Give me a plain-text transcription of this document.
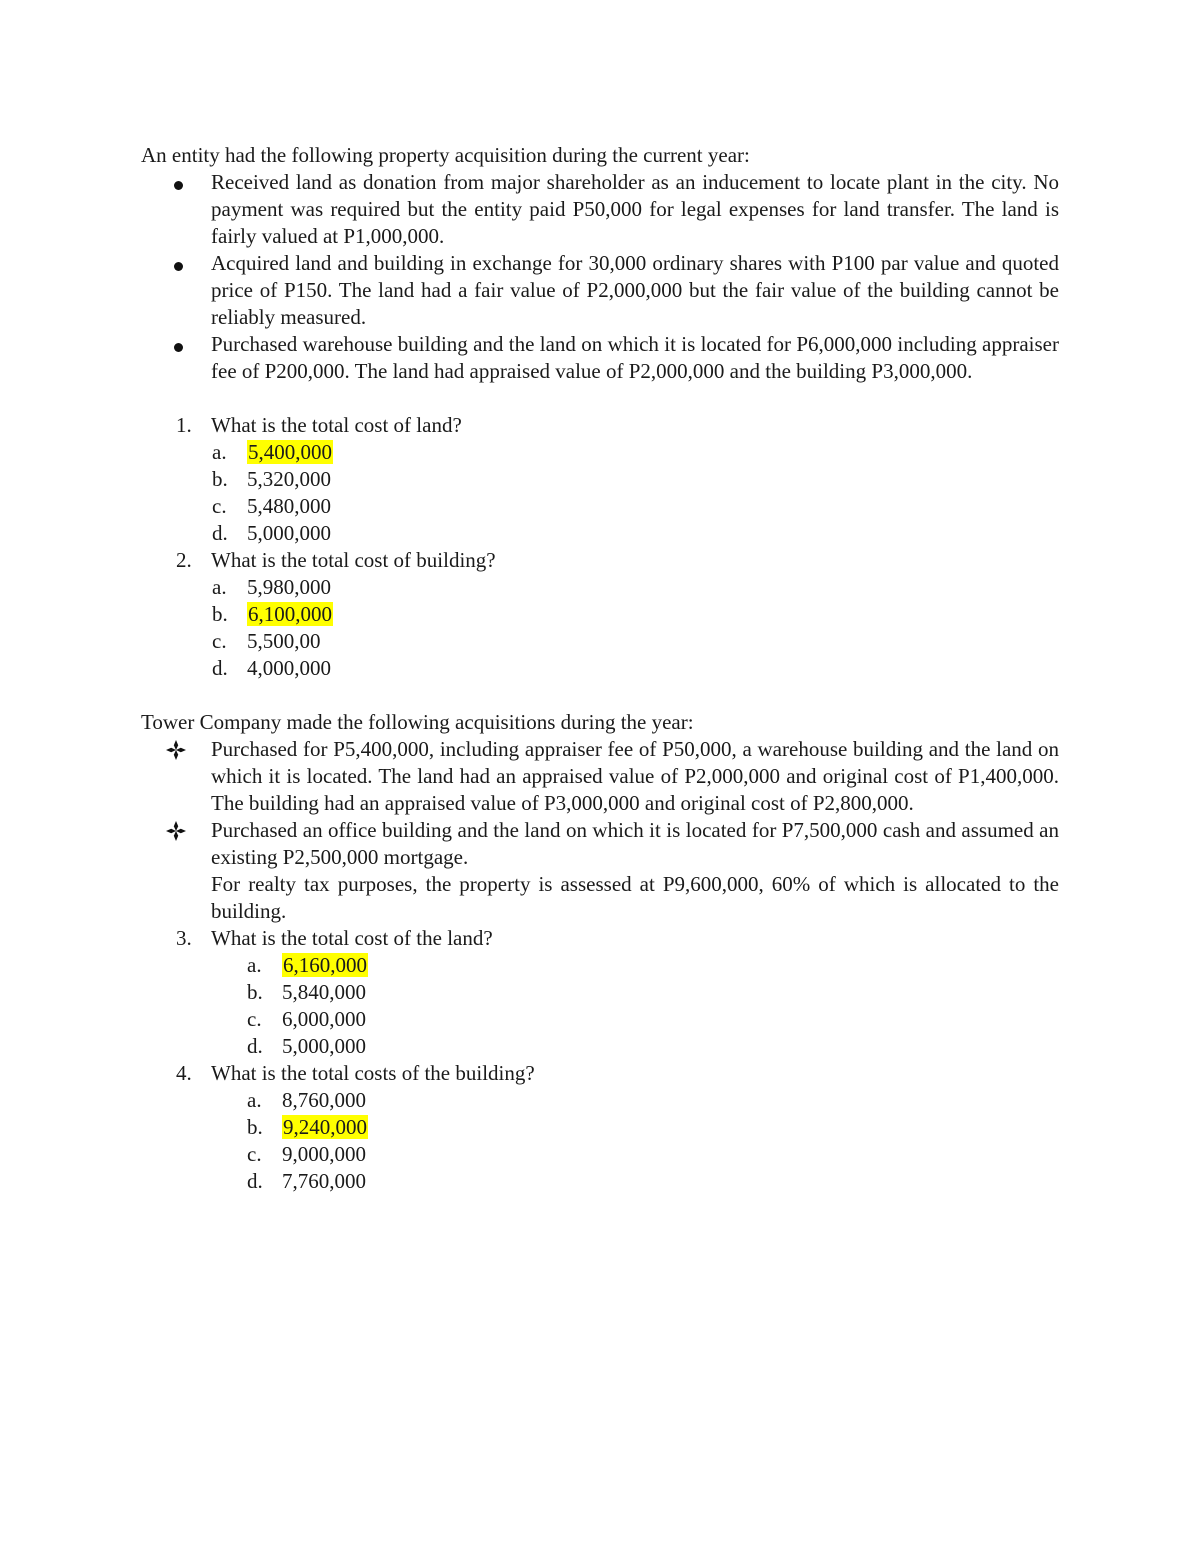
An entity had the following property acquisition during the current year:
Received land as donation from major shareholder as an inducement to locate plant in the city. No payment was required but the entity paid P50,000 for legal expenses for land transfer. The land is fairly valued at P1,000,000.
Acquired land and building in exchange for 30,000 ordinary shares with P100 par value and quoted price of P150. The land had a fair value of P2,000,000 but the fair value of the building cannot be reliably measured.
Purchased warehouse building and the land on which it is located for P6,000,000 including appraiser fee of P200,000. The land had appraised value of P2,000,000 and the building P3,000,000.
1. What is the total cost of land?
a. 5,400,000
b. 5,320,000
c. 5,480,000
d. 5,000,000
2. What is the total cost of building?
a. 5,980,000
b. 6,100,000
c. 5,500,00
d. 4,000,000
Tower Company made the following acquisitions during the year:
Purchased for P5,400,000, including appraiser fee of P50,000, a warehouse building and the land on which it is located. The land had an appraised value of P2,000,000 and original cost of P1,400,000. The building had an appraised value of P3,000,000 and original cost of P2,800,000.
Purchased an office building and the land on which it is located for P7,500,000 cash and assumed an existing P2,500,000 mortgage.
For realty tax purposes, the property is assessed at P9,600,000, 60% of which is allocated to the building.
3. What is the total cost of the land?
a. 6,160,000
b. 5,840,000
c. 6,000,000
d. 5,000,000
4. What is the total costs of the building?
a. 8,760,000
b. 9,240,000
c. 9,000,000
d. 7,760,000
